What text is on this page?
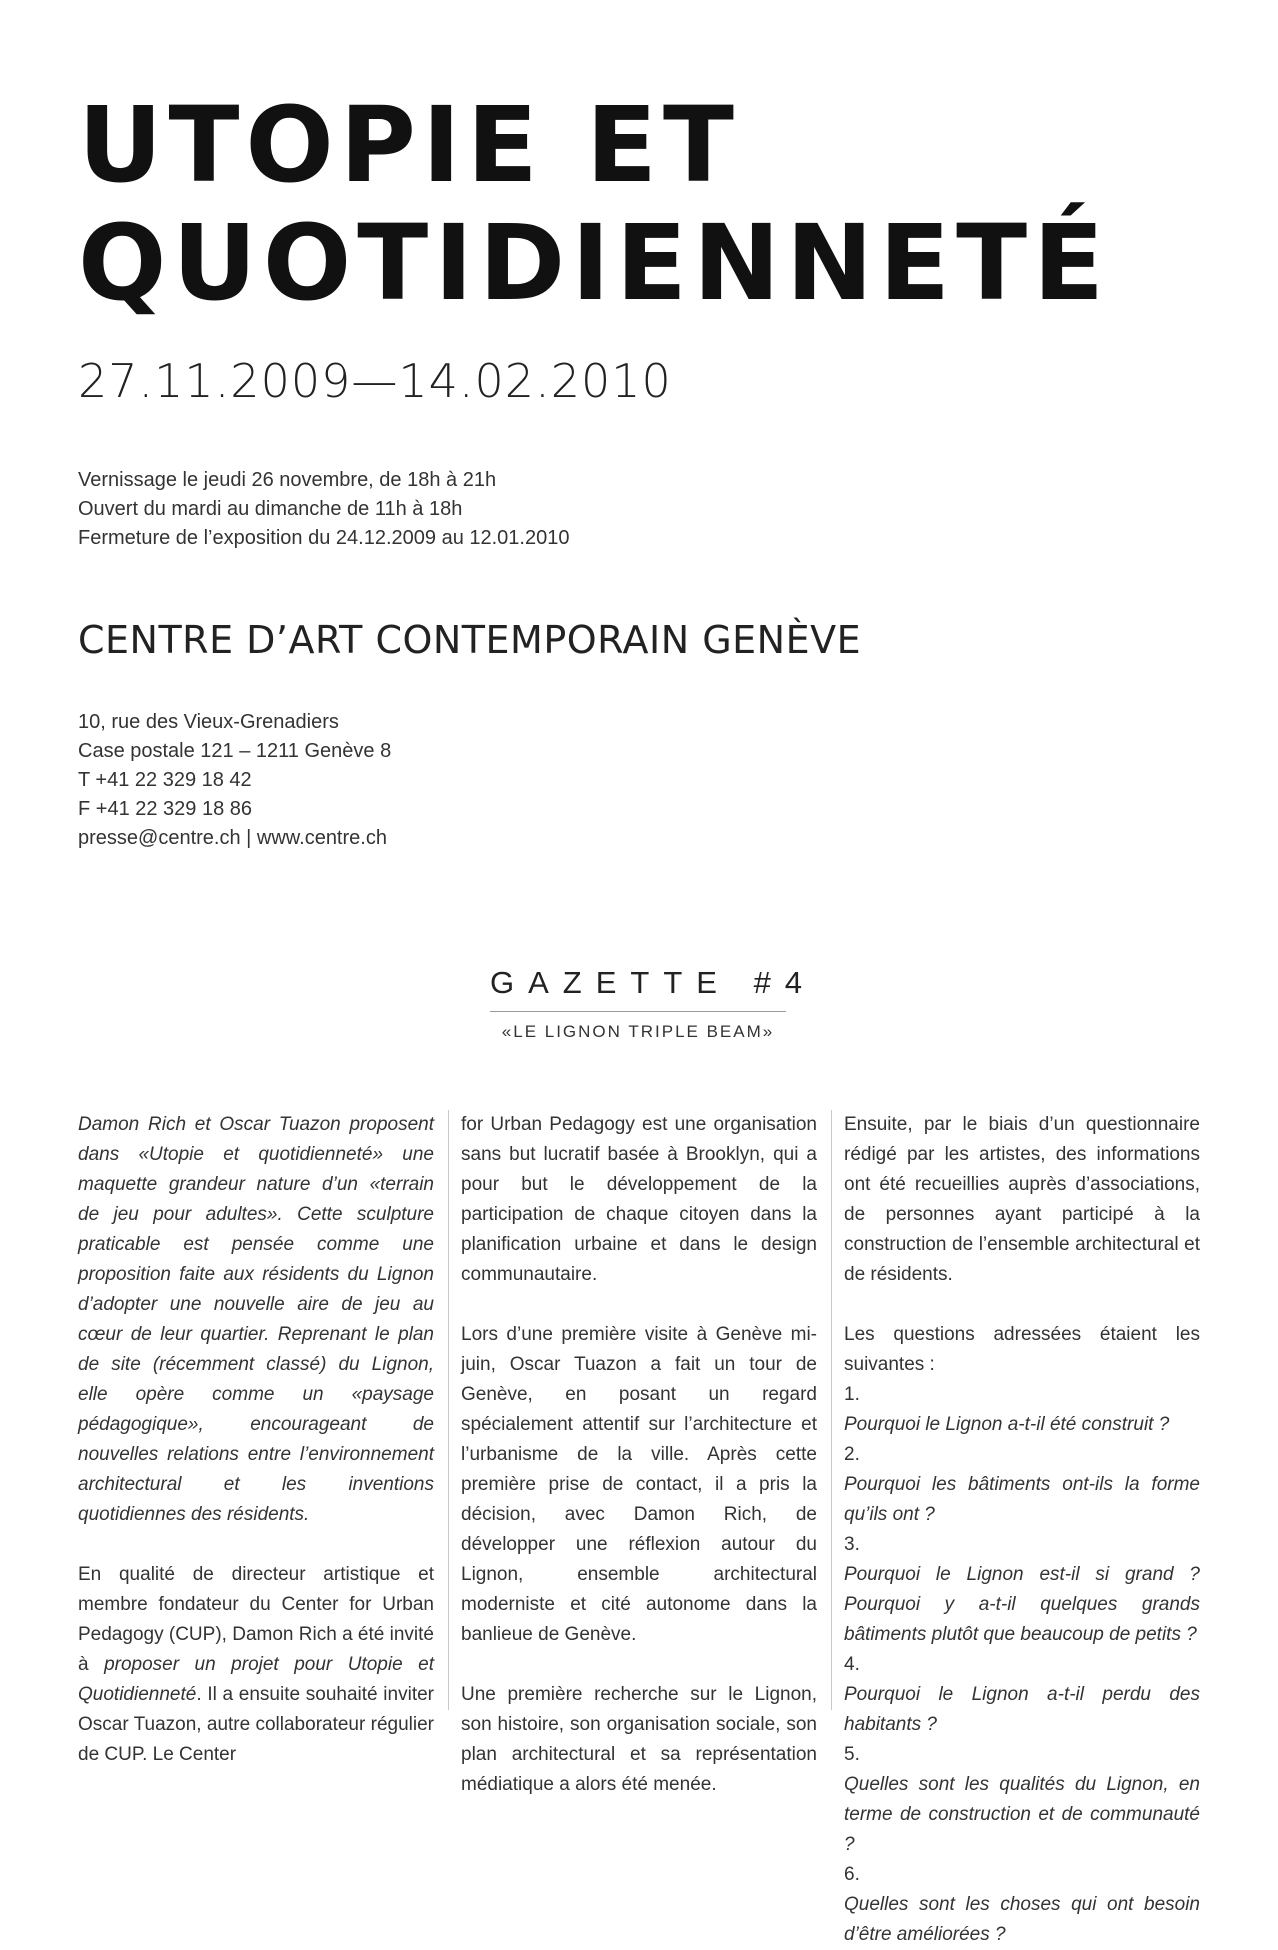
UTOPIE ET
QUOTIDIENNETÉ
27.11.2009—14.02.2010
Vernissage le jeudi 26 novembre, de 18h à 21h
Ouvert du mardi au dimanche de 11h à 18h
Fermeture de l’exposition du 24.12.2009 au 12.01.2010
CENTRE D’ART CONTEMPORAIN GENÈVE
10, rue des Vieux-Grenadiers
Case postale 121 – 1211 Genève 8
T +41 22 329 18 42
F +41 22 329 18 86
presse@centre.ch | www.centre.ch
GAZETTE #4
«LE LIGNON TRIPLE BEAM»

Damon Rich et Oscar Tuazon proposent dans «Utopie et quotidienneté» une maquette grandeur nature d’un «terrain de jeu pour adultes». Cette sculpture praticable est pensée comme une proposition faite aux résidents du Lignon d’adopter une nouvelle aire de jeu au cœur de leur quartier. Reprenant le plan de site (récemment classé) du Lignon, elle opère comme un «paysage pédagogique», encourageant de nouvelles relations entre l’environnement architectural et les inventions quotidiennes des résidents.

En qualité de directeur artistique et membre fondateur du Center for Urban Pedagogy (CUP), Damon Rich a été invité à proposer un projet pour Utopie et Quotidienneté. Il a ensuite souhaité inviter Oscar Tuazon, autre collaborateur régulier de CUP. Le Center

for Urban Pedagogy est une organisation sans but lucratif basée à Brooklyn, qui a pour but le développement de la participation de chaque citoyen dans la planification urbaine et dans le design communautaire.

Lors d’une première visite à Genève mi-juin, Oscar Tuazon a fait un tour de Genève, en posant un regard spécialement attentif sur l’architecture et l’urbanisme de la ville. Après cette première prise de contact, il a pris la décision, avec Damon Rich, de développer une réflexion autour du Lignon, ensemble architectural moderniste et cité autonome dans la banlieue de Genève.

Une première recherche sur le Lignon, son histoire, son organisation sociale, son plan architectural et sa représentation médiatique a alors été menée.

Ensuite, par le biais d’un questionnaire rédigé par les artistes, des informations ont été recueillies auprès d’associations, de personnes ayant participé à la construction de l’ensemble architectural et de résidents.

Les questions adressées étaient les suivantes :

1.
Pourquoi le Lignon a-t-il été construit ?
2.
Pourquoi les bâtiments ont-ils la forme qu’ils ont ?
3.
Pourquoi le Lignon est-il si grand ? Pourquoi y a-t-il quelques grands bâtiments plutôt que beaucoup de petits ?
4.
Pourquoi le Lignon a-t-il perdu des habitants ?
5.
Quelles sont les qualités du Lignon, en terme de construction et de communauté ?
6.
Quelles sont les choses qui ont besoin d’être améliorées ?
